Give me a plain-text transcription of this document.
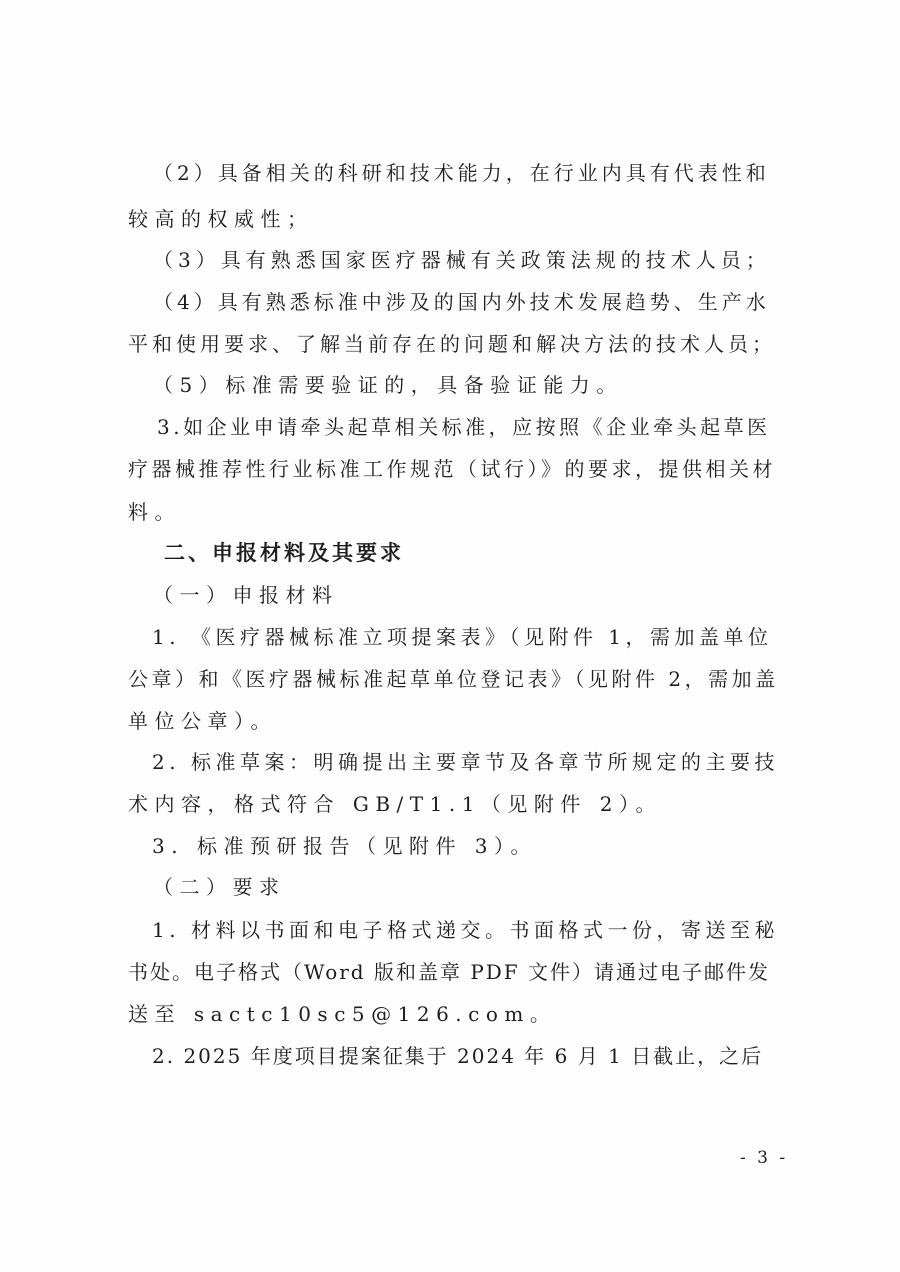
（2）具备相关的科研和技术能力，在行业内具有代表性和
较高的权威性；
（3）具有熟悉国家医疗器械有关政策法规的技术人员；
（4）具有熟悉标准中涉及的国内外技术发展趋势、生产水
平和使用要求、了解当前存在的问题和解决方法的技术人员；
（5）标准需要验证的，具备验证能力。
3.如企业申请牵头起草相关标准，应按照《企业牵头起草医
疗器械推荐性行业标准工作规范（试行）》的要求，提供相关材
料。
二、申报材料及其要求
（一）申报材料
1. 《医疗器械标准立项提案表》（见附件 1，需加盖单位
公章）和《医疗器械标准起草单位登记表》（见附件 2，需加盖
单位公章）。
2. 标准草案：明确提出主要章节及各章节所规定的主要技
术内容，格式符合 GB/T1.1（见附件 2）。
3. 标准预研报告（见附件 3）。
（二）要求
1. 材料以书面和电子格式递交。书面格式一份，寄送至秘
书处。电子格式（Word 版和盖章 PDF 文件）请通过电子邮件发
送至 sactc10sc5@126.com。
2. 2025 年度项目提案征集于 2024 年 6 月 1 日截止，之后
- 3 -
